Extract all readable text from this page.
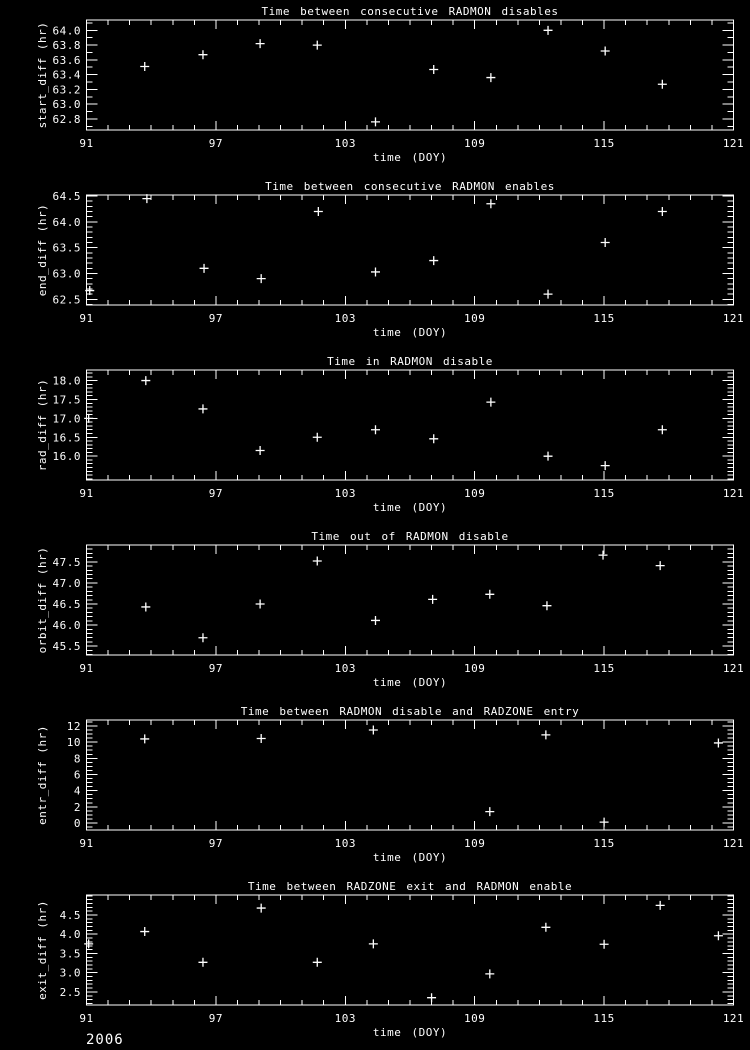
Time between consecutive RADMON disables
time (DOY)
start_diff (hr)
91	97	103	109	115	121
62.8
63.0
63.2
63.4
63.6
63.8
64.0
Time between consecutive RADMON enables
time (DOY)
end_diff (hr)
91	97	103	109	115	121
62.5
63.0
63.5
64.0
64.5
Time in RADMON disable
time (DOY)
rad_diff (hr)
91	97	103	109	115	121
16.0
16.5
17.0
17.5
18.0
Time out of RADMON disable
time (DOY)
orbit_diff (hr)
91	97	103	109	115	121
45.5
46.0
46.5
47.0
47.5
Time between RADMON disable and RADZONE entry
time (DOY)
entr_diff (hr)
91	97	103	109	115	121
0
2
4
6
8
10
12
Time between RADZONE exit and RADMON enable
time (DOY)
exit_diff (hr)
91	97	103	109	115	121
2.5
3.0
3.5
4.0
4.5
2006
